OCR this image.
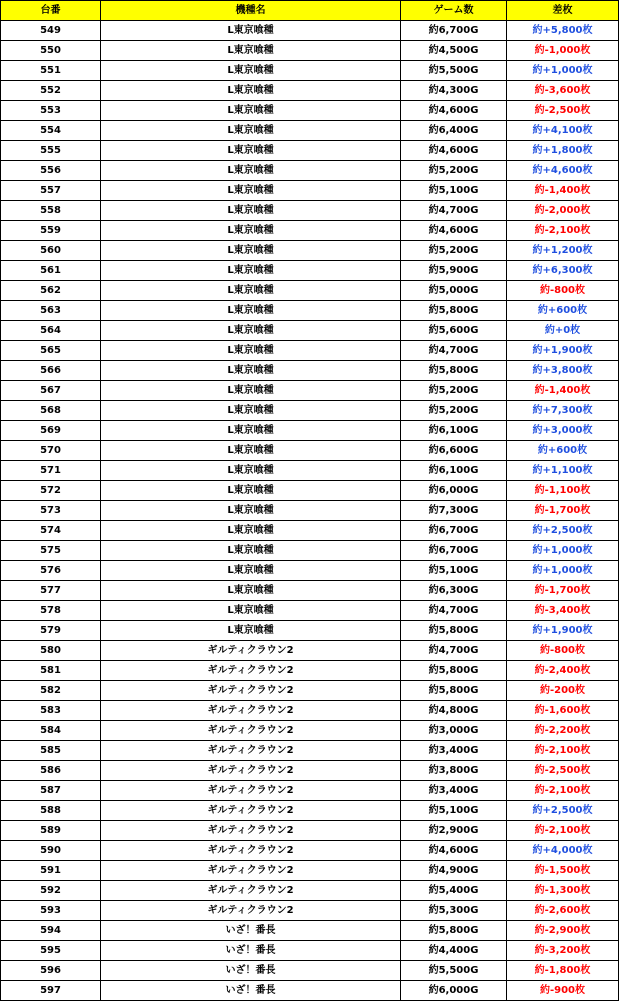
台番	機種名	ゲーム数	差枚
549	L東京喰種	約6,700G	約+5,800枚
550	L東京喰種	約4,500G	約-1,000枚
551	L東京喰種	約5,500G	約+1,000枚
552	L東京喰種	約4,300G	約-3,600枚
553	L東京喰種	約4,600G	約-2,500枚
554	L東京喰種	約6,400G	約+4,100枚
555	L東京喰種	約4,600G	約+1,800枚
556	L東京喰種	約5,200G	約+4,600枚
557	L東京喰種	約5,100G	約-1,400枚
558	L東京喰種	約4,700G	約-2,000枚
559	L東京喰種	約4,600G	約-2,100枚
560	L東京喰種	約5,200G	約+1,200枚
561	L東京喰種	約5,900G	約+6,300枚
562	L東京喰種	約5,000G	約-800枚
563	L東京喰種	約5,800G	約+600枚
564	L東京喰種	約5,600G	約+0枚
565	L東京喰種	約4,700G	約+1,900枚
566	L東京喰種	約5,800G	約+3,800枚
567	L東京喰種	約5,200G	約-1,400枚
568	L東京喰種	約5,200G	約+7,300枚
569	L東京喰種	約6,100G	約+3,000枚
570	L東京喰種	約6,600G	約+600枚
571	L東京喰種	約6,100G	約+1,100枚
572	L東京喰種	約6,000G	約-1,100枚
573	L東京喰種	約7,300G	約-1,700枚
574	L東京喰種	約6,700G	約+2,500枚
575	L東京喰種	約6,700G	約+1,000枚
576	L東京喰種	約5,100G	約+1,000枚
577	L東京喰種	約6,300G	約-1,700枚
578	L東京喰種	約4,700G	約-3,400枚
579	L東京喰種	約5,800G	約+1,900枚
580	ギルティクラウン2	約4,700G	約-800枚
581	ギルティクラウン2	約5,800G	約-2,400枚
582	ギルティクラウン2	約5,800G	約-200枚
583	ギルティクラウン2	約4,800G	約-1,600枚
584	ギルティクラウン2	約3,000G	約-2,200枚
585	ギルティクラウン2	約3,400G	約-2,100枚
586	ギルティクラウン2	約3,800G	約-2,500枚
587	ギルティクラウン2	約3,400G	約-2,100枚
588	ギルティクラウン2	約5,100G	約+2,500枚
589	ギルティクラウン2	約2,900G	約-2,100枚
590	ギルティクラウン2	約4,600G	約+4,000枚
591	ギルティクラウン2	約4,900G	約-1,500枚
592	ギルティクラウン2	約5,400G	約-1,300枚
593	ギルティクラウン2	約5,300G	約-2,600枚
594	いざ！番長	約5,800G	約-2,900枚
595	いざ！番長	約4,400G	約-3,200枚
596	いざ！番長	約5,500G	約-1,800枚
597	いざ！番長	約6,000G	約-900枚
